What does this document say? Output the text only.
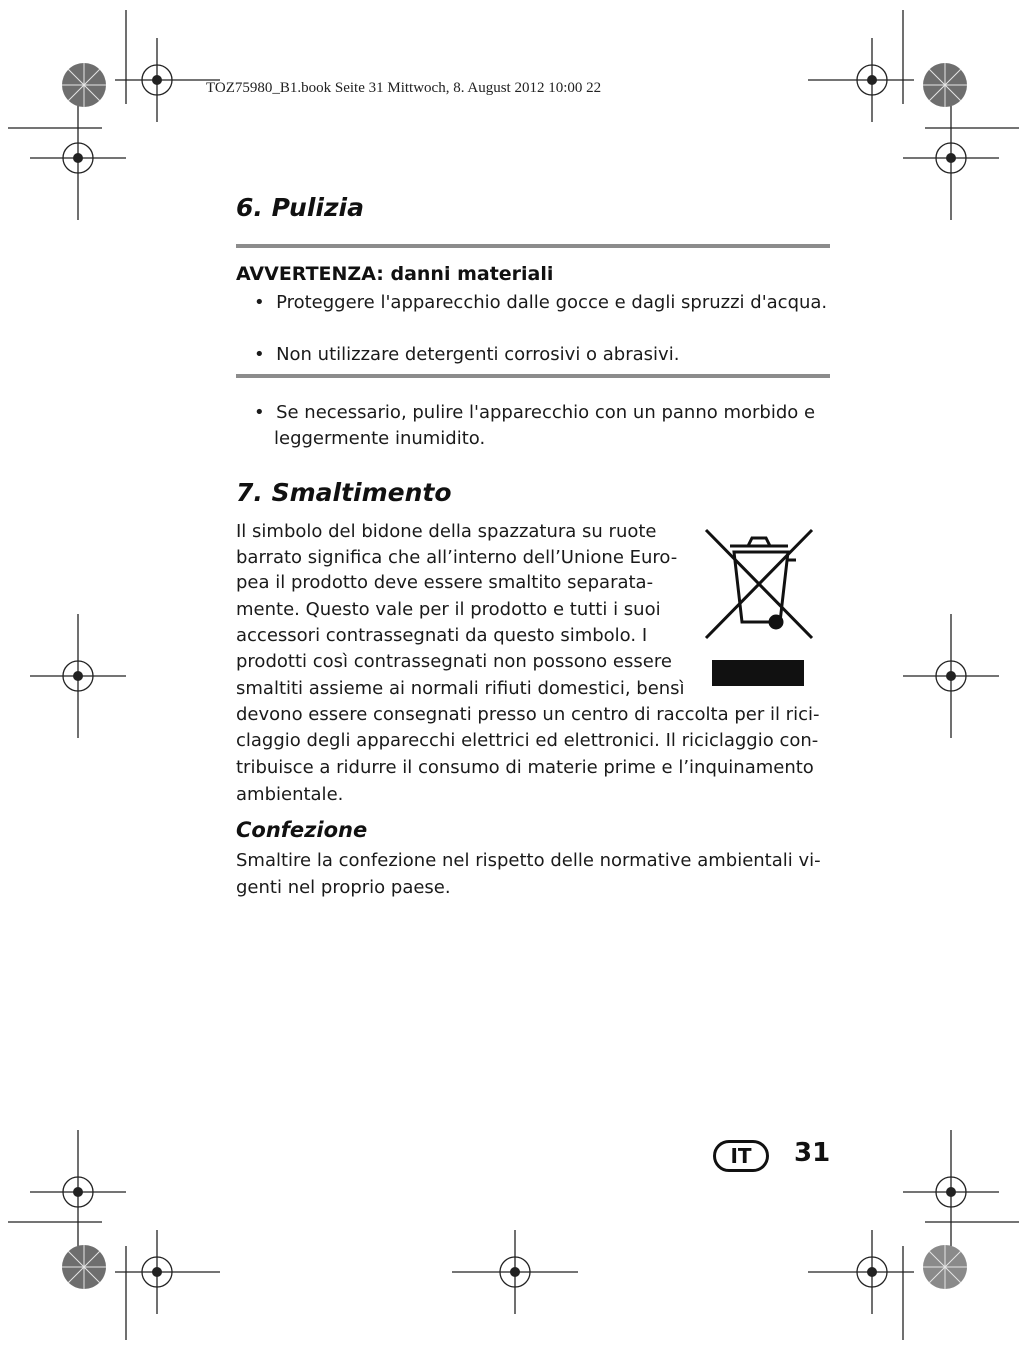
TOZ75980_B1.book Seite 31 Mittwoch, 8. August 2012 10:00 22
6. Pulizia
AVVERTENZA: danni materiali
•  Proteggere l'apparecchio dalle gocce e dagli spruzzi d'acqua.
•  Non utilizzare detergenti corrosivi o abrasivi.
•  Se necessario, pulire l'apparecchio con un panno morbido e leggermente inumidito.
7. Smaltimento
Il simbolo del bidone della spazzatura su ruote
barrato significa che all’interno dell’Unione Euro-
pea il prodotto deve essere smaltito separata-
mente. Questo vale per il prodotto e tutti i suoi
accessori contrassegnati da questo simbolo. I
prodotti così contrassegnati non possono essere
smaltiti assieme ai normali rifiuti domestici, bensì
devono essere consegnati presso un centro di raccolta per il rici-
claggio degli apparecchi elettrici ed elettronici. Il riciclaggio con-
tribuisce a ridurre il consumo di materie prime e l’inquinamento
ambientale.
Confezione
Smaltire la confezione nel rispetto delle normative ambientali vi-
genti nel proprio paese.
IT	31
